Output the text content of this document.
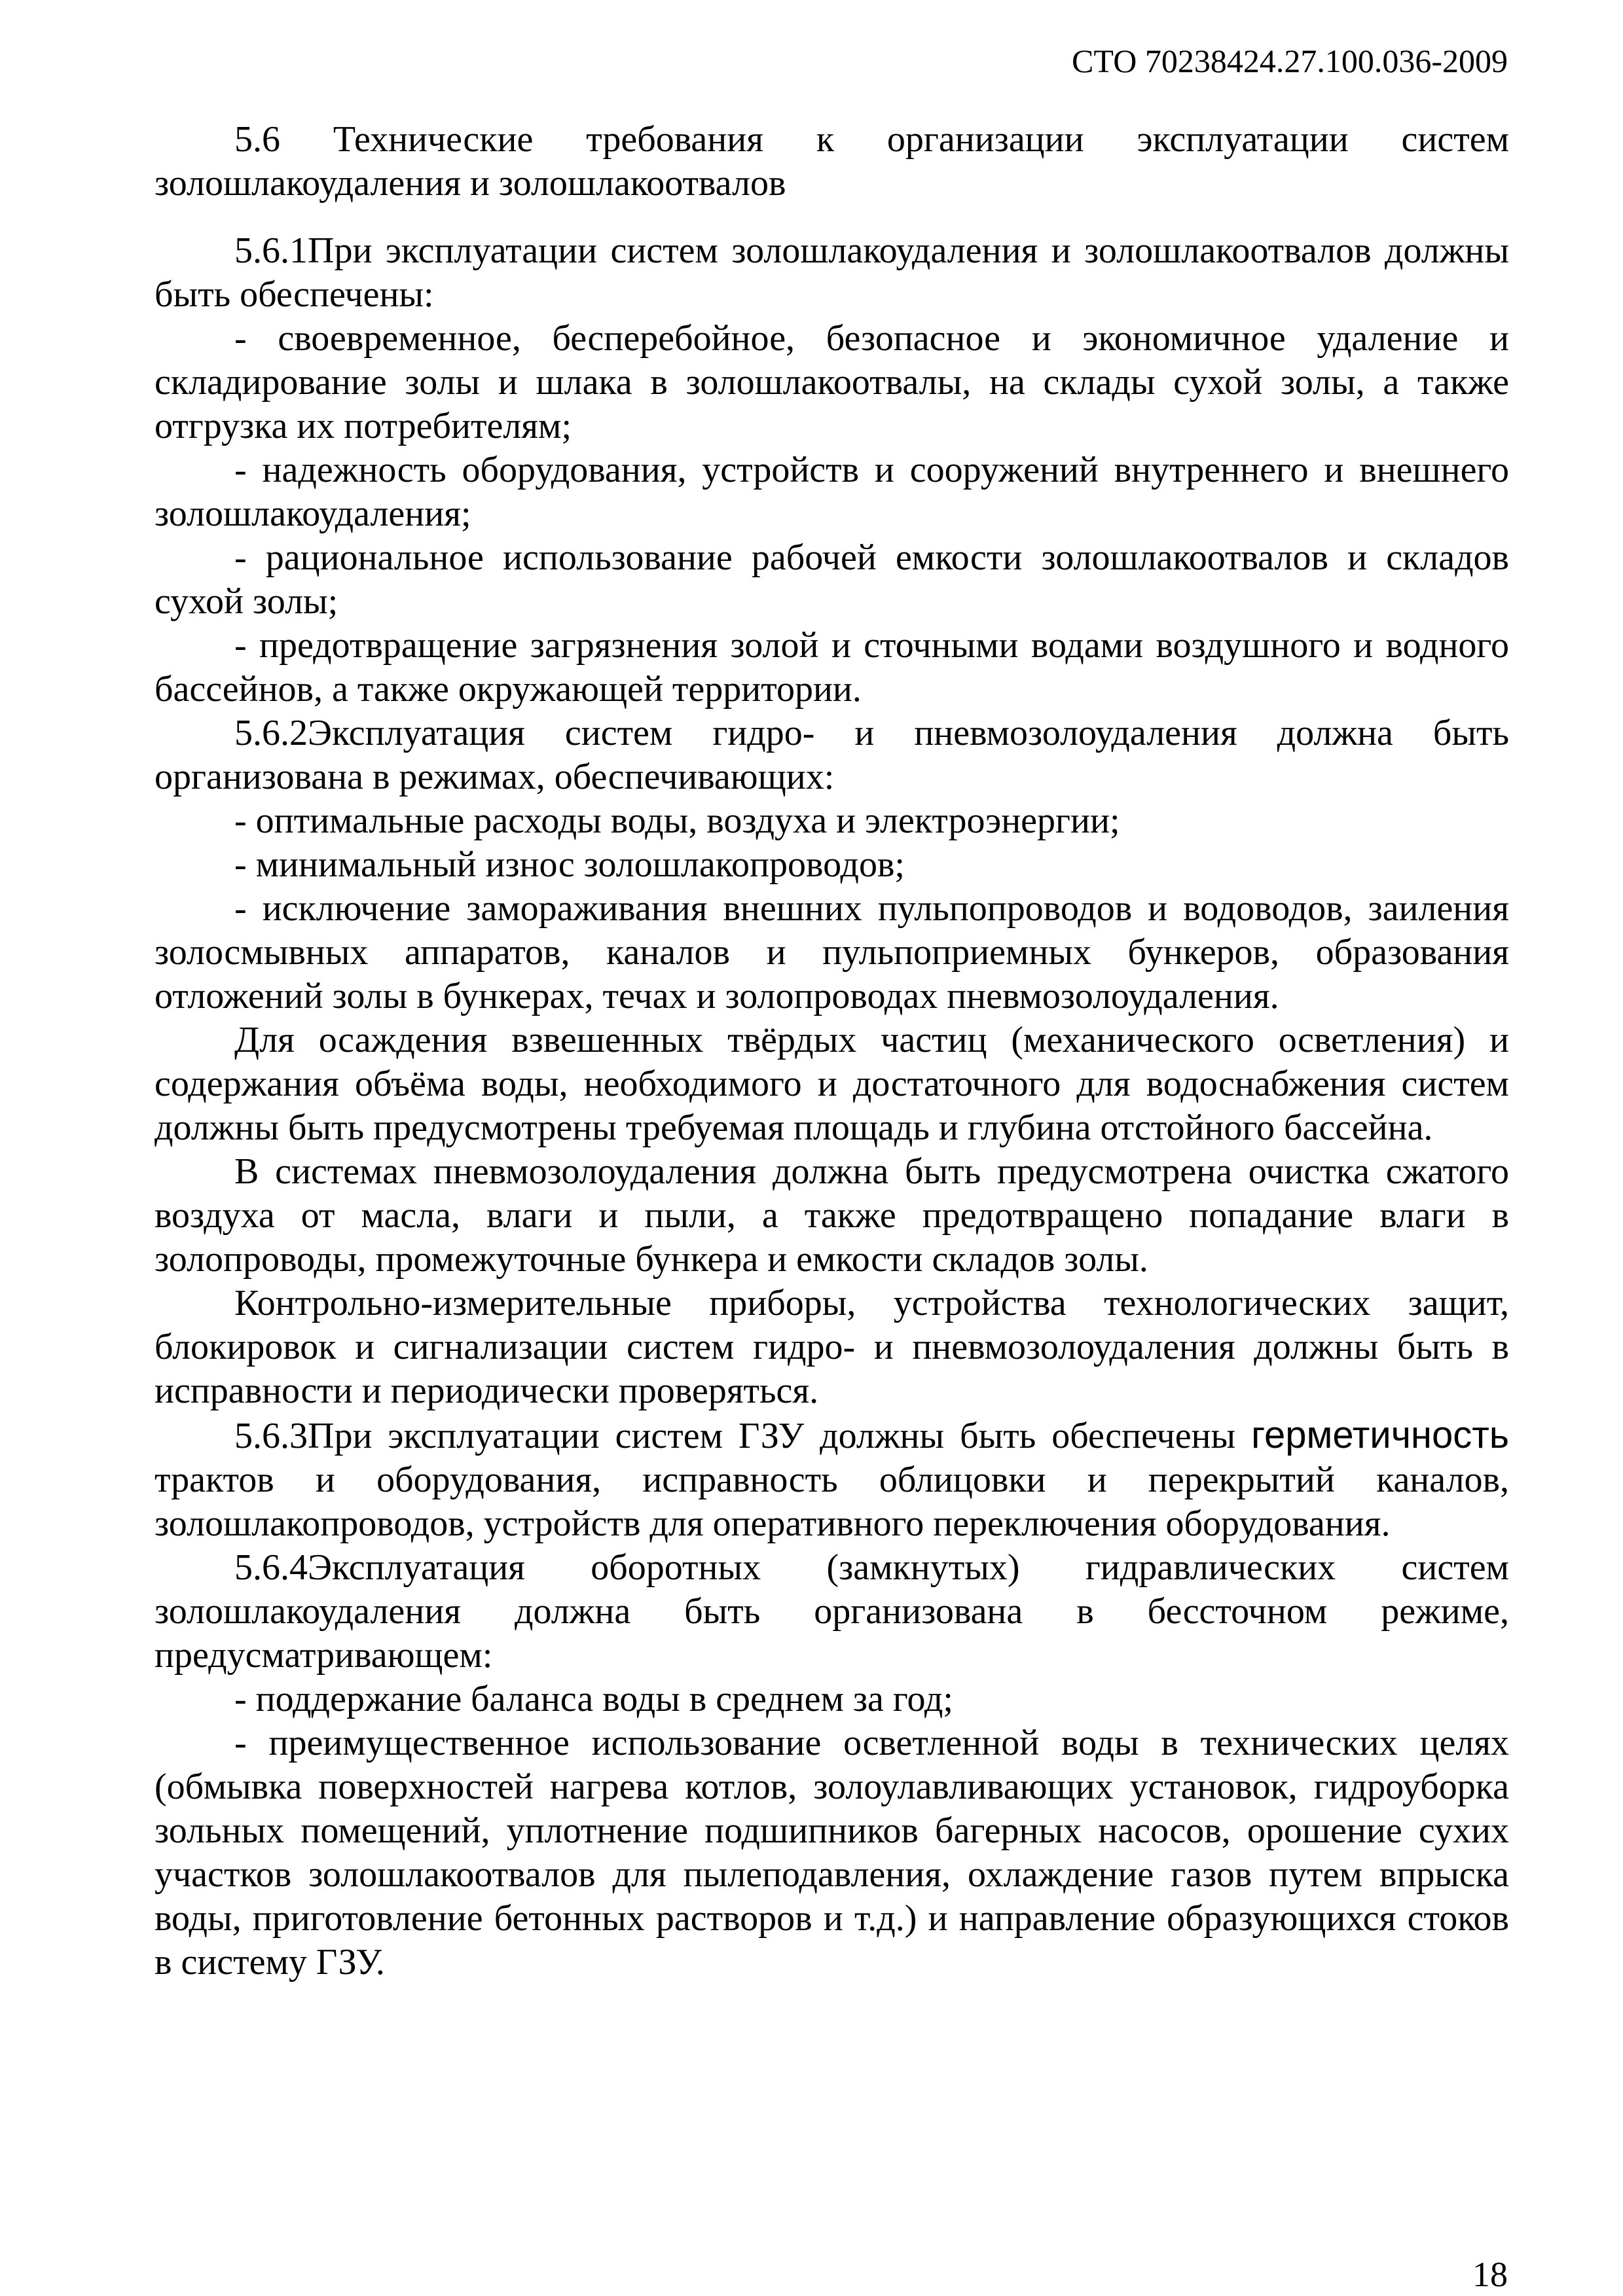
СТО 70238424.27.100.036-2009

5.6 Технические требования к организации эксплуатации систем золошлакоудаления и золошлакоотвалов

5.6.1При эксплуатации систем золошлакоудаления и золошлакоотвалов должны быть обеспечены:

- своевременное, бесперебойное, безопасное и экономичное удаление и складирование золы и шлака в золошлакоотвалы, на склады сухой золы, а также отгрузка их потребителям;

- надежность оборудования, устройств и сооружений внутреннего и внешнего золошлакоудаления;

- рациональное использование рабочей емкости золошлакоотвалов и складов сухой золы;

- предотвращение загрязнения золой и сточными водами воздушного и водного бассейнов, а также окружающей территории.

5.6.2Эксплуатация систем гидро- и пневмозолоудаления должна быть организована в режимах, обеспечивающих:

- оптимальные расходы воды, воздуха и электроэнергии;

- минимальный износ золошлакопроводов;

- исключение замораживания внешних пульпопроводов и водоводов, заиления золосмывных аппаратов, каналов и пульпоприемных бункеров, образования отложений золы в бункерах, течах и золопроводах пневмозолоудаления.

Для осаждения взвешенных твёрдых частиц (механического осветления) и содержания объёма воды, необходимого и достаточного для водоснабжения систем должны быть предусмотрены требуемая площадь и глубина отстойного бассейна.

В системах пневмозолоудаления должна быть предусмотрена очистка сжатого воздуха от масла, влаги и пыли, а также предотвращено попадание влаги в золопроводы, промежуточные бункера и емкости складов золы.

Контрольно-измерительные приборы, устройства технологических защит, блокировок и сигнализации систем гидро- и пневмозолоудаления должны быть в исправности и периодически проверяться.

5.6.3При эксплуатации систем ГЗУ должны быть обеспечены герметичность трактов и оборудования, исправность облицовки и перекрытий каналов, золошлакопроводов, устройств для оперативного переключения оборудования.

5.6.4Эксплуатация оборотных (замкнутых) гидравлических систем золошлакоудаления должна быть организована в бессточном режиме, предусматривающем:

- поддержание баланса воды в среднем за год;

- преимущественное использование осветленной воды в технических целях (обмывка поверхностей нагрева котлов, золоулавливающих установок, гидроуборка зольных помещений, уплотнение подшипников багерных насосов, орошение сухих участков золошлакоотвалов для пылеподавления, охлаждение газов путем впрыска воды, приготовление бетонных растворов и т.д.) и направление образующихся стоков в систему ГЗУ.

18
